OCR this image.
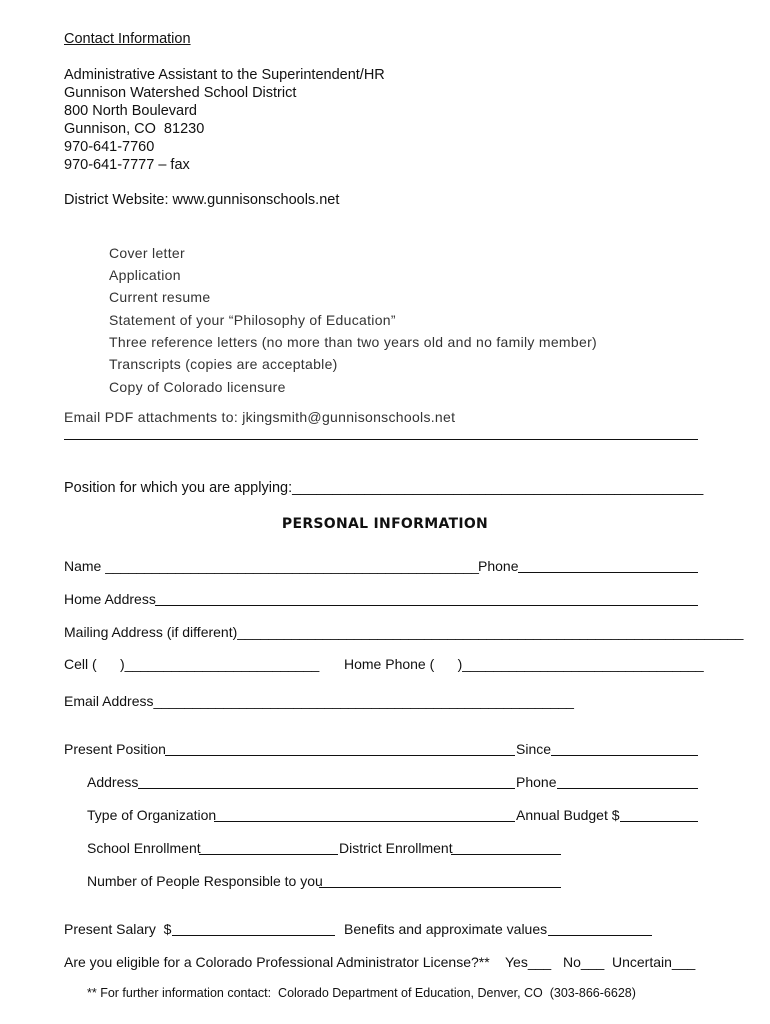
Contact Information
Administrative Assistant to the Superintendent/HR
Gunnison Watershed School District
800 North Boulevard
Gunnison, CO  81230
970-641-7760
970-641-7777 – fax
District Website: www.gunnisonschools.net
Cover letter
Application
Current resume
Statement of your “Philosophy of Education”
Three reference letters (no more than two years old and no family member)
Transcripts (copies are acceptable)
Copy of Colorado licensure
Email PDF attachments to: jkingsmith@gunnisonschools.net
Position for which you are applying:___________________________________________________
PERSONAL INFORMATION
Name ________________________________________________ Phone
Home Address
Mailing Address (if different)_________________________________________________________________
Cell (      )_________________________ Home Phone (      )_______________________________
Email Address______________________________________________________
Present Position	Since
Address	Phone
Type of Organization	Annual Budget $
School Enrollment	District Enrollment
Number of People Responsible to you
Present Salary  $	Benefits and approximate values
Are you eligible for a Colorado Professional Administrator License?** Yes___ No___ Uncertain___
** For further information contact:  Colorado Department of Education, Denver, CO  (303-866-6628)
